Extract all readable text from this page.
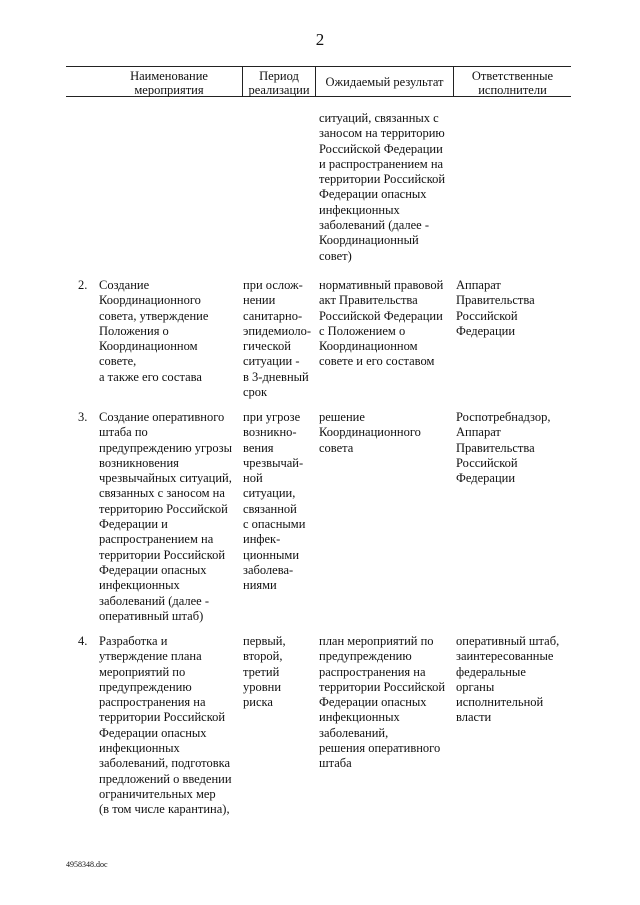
2
Наименование
мероприятия
Период
реализации
Ожидаемый результат	Ответственные
исполнители
ситуаций, связанных с
заносом на территорию
Российской Федерации
и распространением на
территории Российской
Федерации опасных
инфекционных
заболеваний (далее -
Координационный
совет)
2. Создание
Координационного
совета, утверждение
Положения о
Координационном
совете,
а также его состава
при ослож-
нении
санитарно-
эпидемиоло-
гической
ситуации -
в 3-дневный
срок
нормативный правовой
акт Правительства
Российской Федерации
с Положением о
Координационном
совете и его составом
Аппарат
Правительства
Российской
Федерации
3. Создание оперативного
штаба по
предупреждению угрозы
возникновения
чрезвычайных ситуаций,
связанных с заносом на
территорию Российской
Федерации и
распространением на
территории Российской
Федерации опасных
инфекционных
заболеваний (далее -
оперативный штаб)
при угрозе
возникно-
вения
чрезвычай-
ной
ситуации,
связанной
с опасными
инфек-
ционными
заболева-
ниями
решение
Координационного
совета
Роспотребнадзор,
Аппарат
Правительства
Российской
Федерации
4. Разработка и
утверждение плана
мероприятий по
предупреждению
распространения на
территории Российской
Федерации опасных
инфекционных
заболеваний, подготовка
предложений о введении
ограничительных мер
(в том числе карантина),
первый,
второй,
третий
уровни
риска
план мероприятий по
предупреждению
распространения на
территории Российской
Федерации опасных
инфекционных
заболеваний,
решения оперативного
штаба
оперативный штаб,
заинтересованные
федеральные
органы
исполнительной
власти
4958348.doc
